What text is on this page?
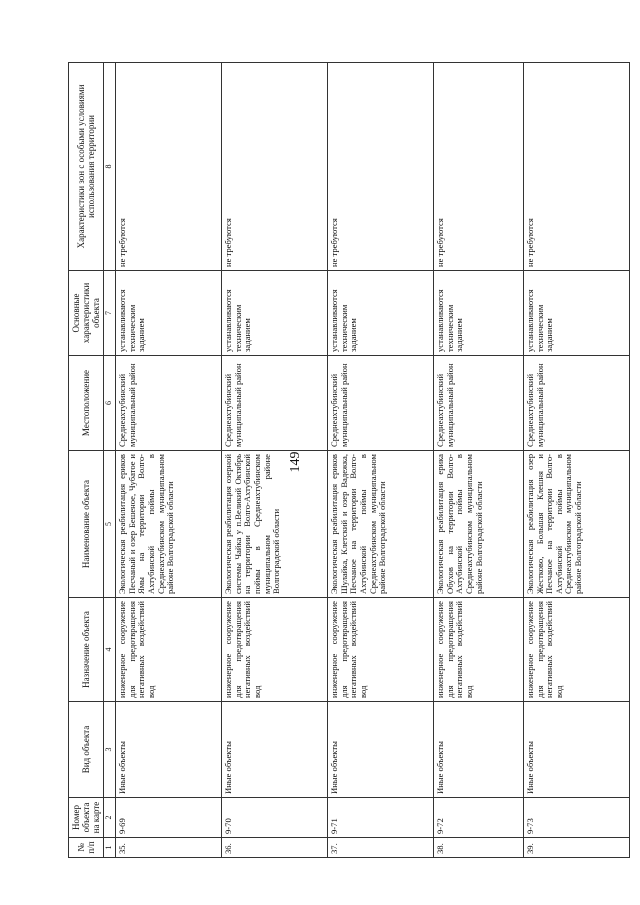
149
№ п/п	Номер объекта на карте	Вид объекта	Назначение объекта	Наименование объекта	Местоположение	Основные характеристики объекта	Характеристики зон с особыми условиями использования территории
1	2	3	4	5	6	7	8
35.	9-69	Иные объекты	инженерное сооружение для предотвращения негативных воздействий вод	Экологическая реабилитация ериков Песчаный и озер Бешеное, Чубатое и Ямы на территории Волго-Ахтубинской поймы в Среднеахтубинском муниципальном районе Волгоградской области	Среднеахтубинский муниципальный район	устанавливаются техническим заданием	не требуются
36.	9-70	Иные объекты	инженерное сооружение для предотвращения негативных воздействий вод	Экологическая реабилитация озерной системы Чайка у п.Великий Октябрь на территории Волго-Ахтубинской поймы в Среднеахтубинском муниципальном районе Волгоградской области	Среднеахтубинский муниципальный район	устанавливаются техническим заданием	не требуются
37.	9-71	Иные объекты	инженерное сооружение для предотвращения негативных воздействий вод	Экологическая реабилитация ериков Шулайка, Клетский и озер Вадежка, Песчаное на территории Волго-Ахтубинской поймы в Среднеахтубинском муниципальном районе Волгоградской области	Среднеахтубинский муниципальный район	устанавливаются техническим заданием	не требуются
38.	9-72	Иные объекты	инженерное сооружение для предотвращения негативных воздействий вод	Экологическая реабилитация ерика Обухов на территории Волго-Ахтубинской поймы в Среднеахтубинском муниципальном районе Волгоградской области	Среднеахтубинский муниципальный район	устанавливаются техническим заданием	не требуются
39.	9-73	Иные объекты	инженерное сооружение для предотвращения негативных воздействий вод	Экологическая реабилитация озер Жестково, Большая Клешня и Песчаное на территории Волго-Ахтубинской поймы в Среднеахтубинском муниципальном районе Волгоградской области	Среднеахтубинский муниципальный район	устанавливаются техническим заданием	не требуются
